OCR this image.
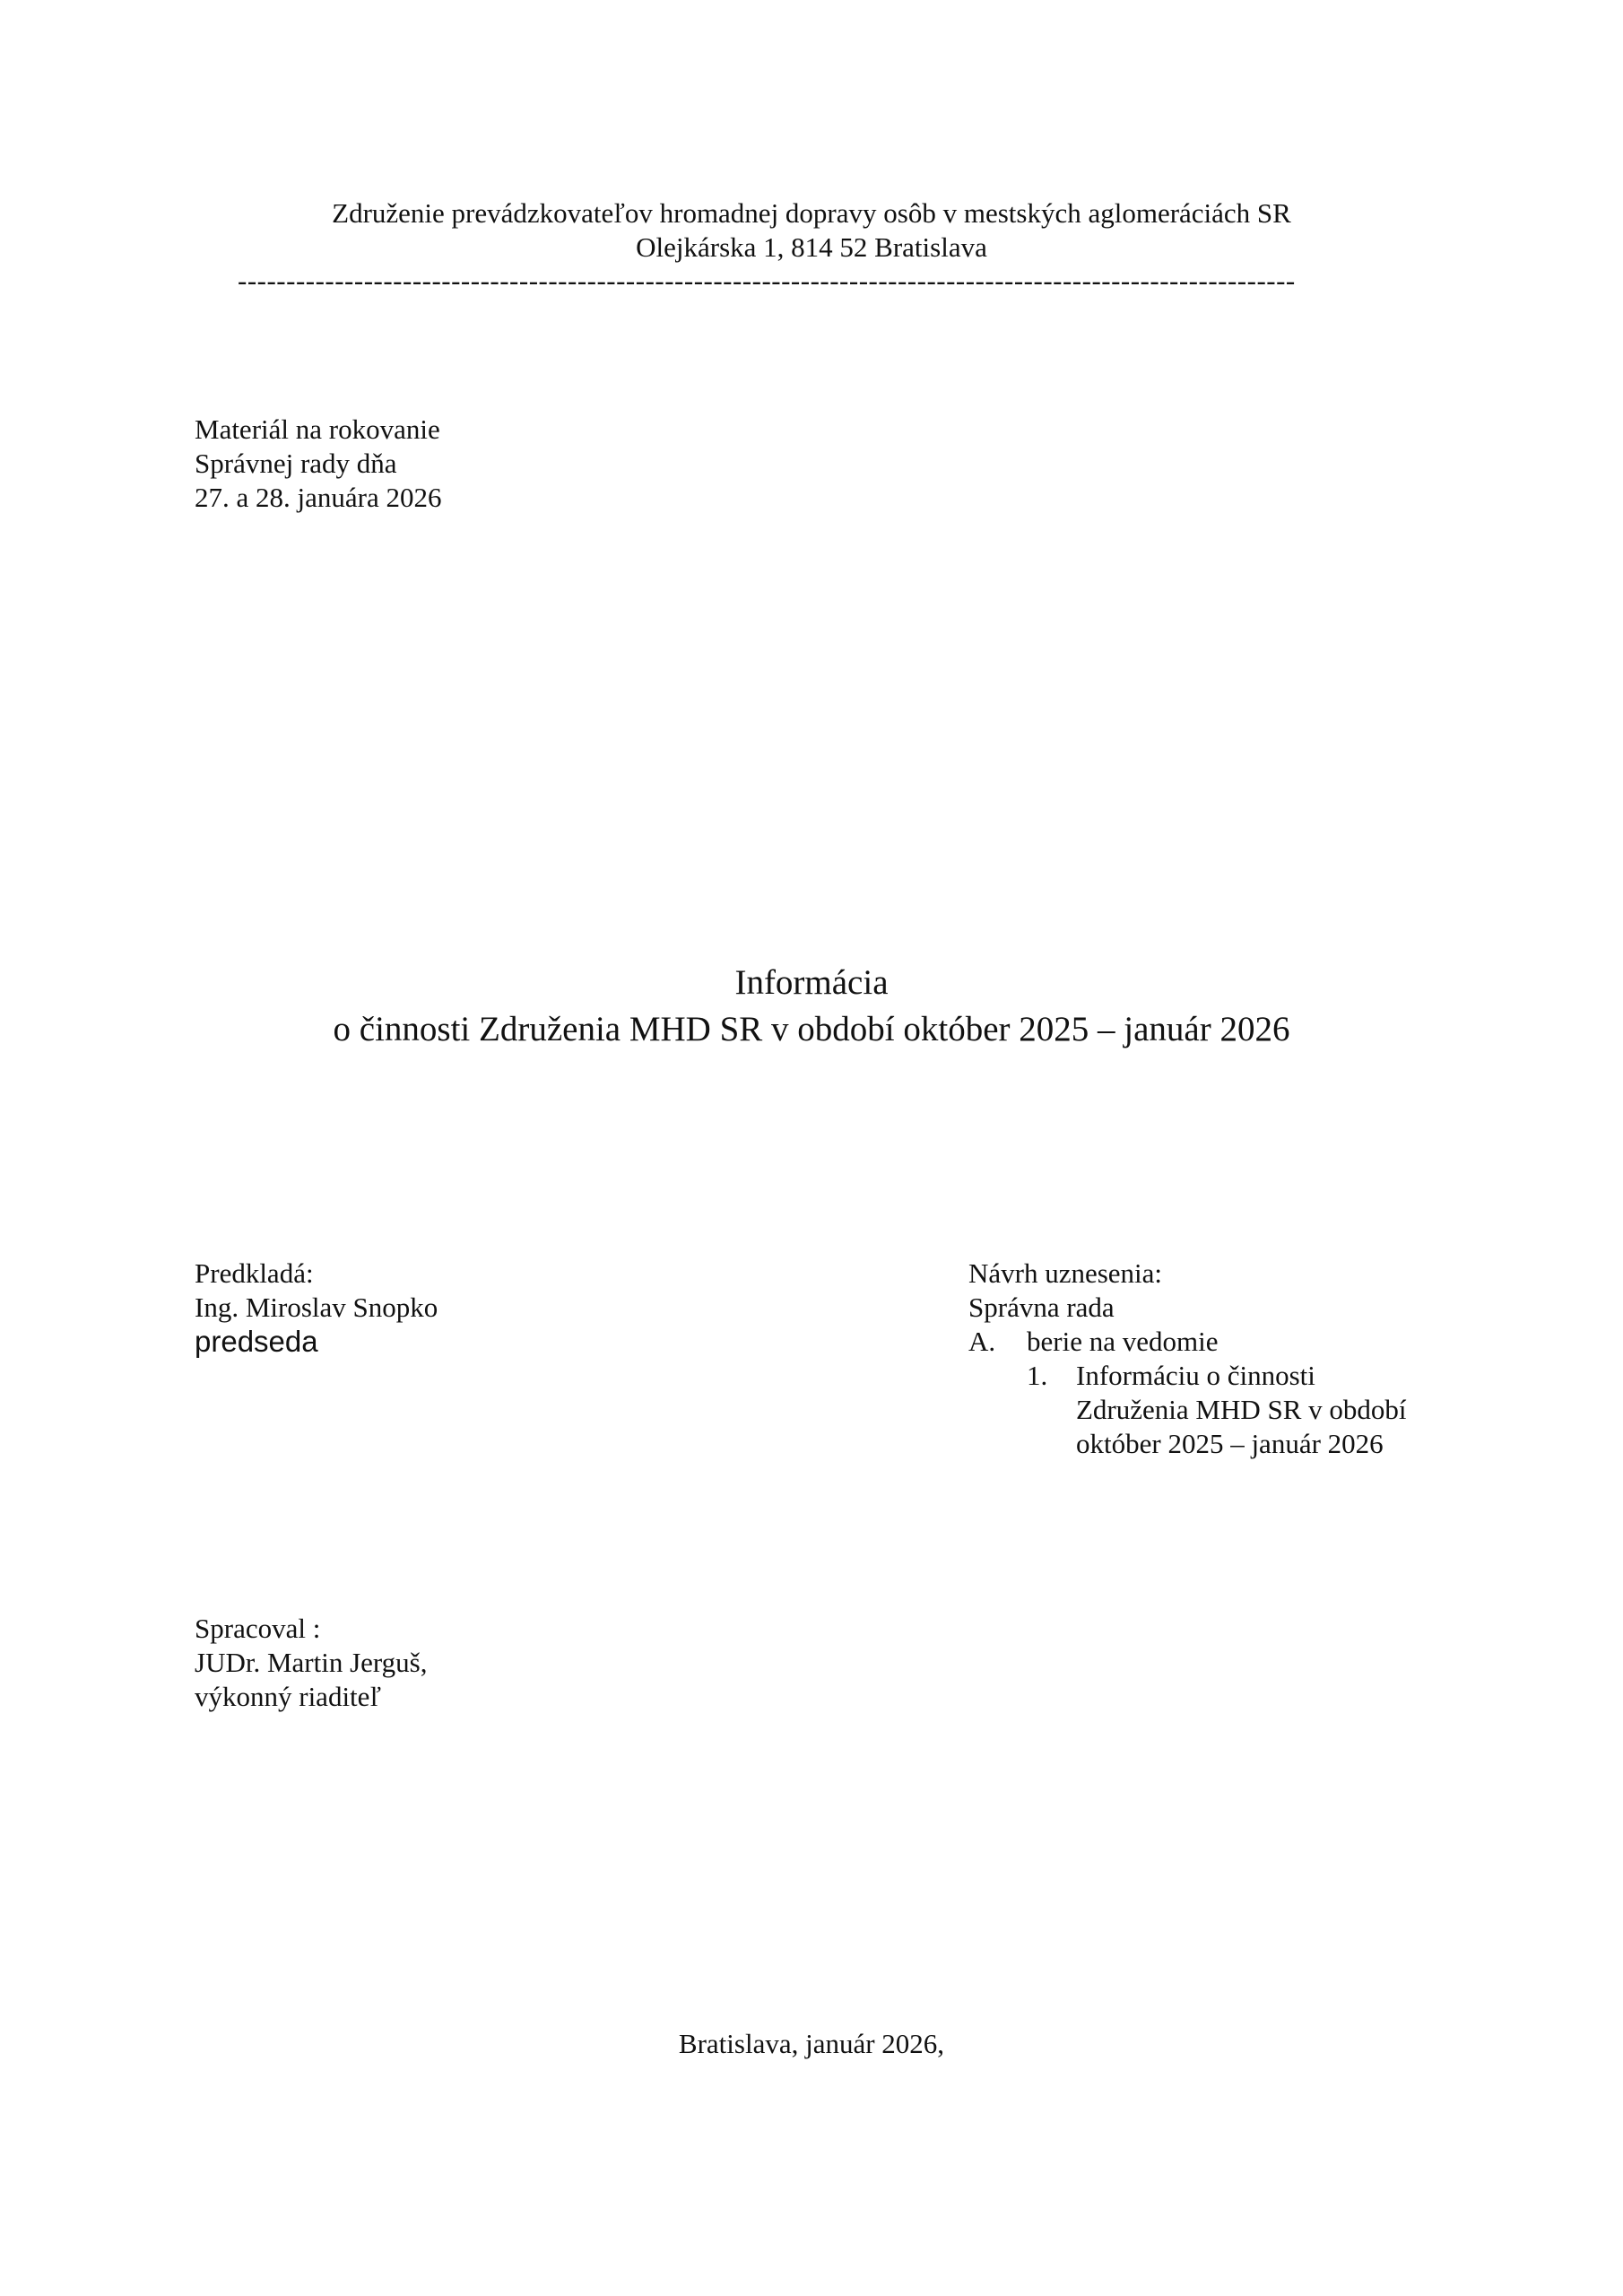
Združenie prevádzkovateľov hromadnej dopravy osôb v mestských aglomeráciách SR
Olejkárska 1, 814 52 Bratislava
-------------------------------------------------------------------------------------------------------------
Materiál na rokovanie
Správnej rady dňa
27. a 28. januára 2026
Informácia
o činnosti Združenia MHD SR v období október 2025 – január 2026
Predkladá:
Ing. Miroslav Snopko
predseda
Návrh uznesenia:
Správna rada
A.	berie na vedomie
1.	Informáciu o činnosti
Združenia MHD SR v období
október 2025 – január 2026
Spracoval :
JUDr. Martin Jerguš,
výkonný riaditeľ
Bratislava, január 2026,
